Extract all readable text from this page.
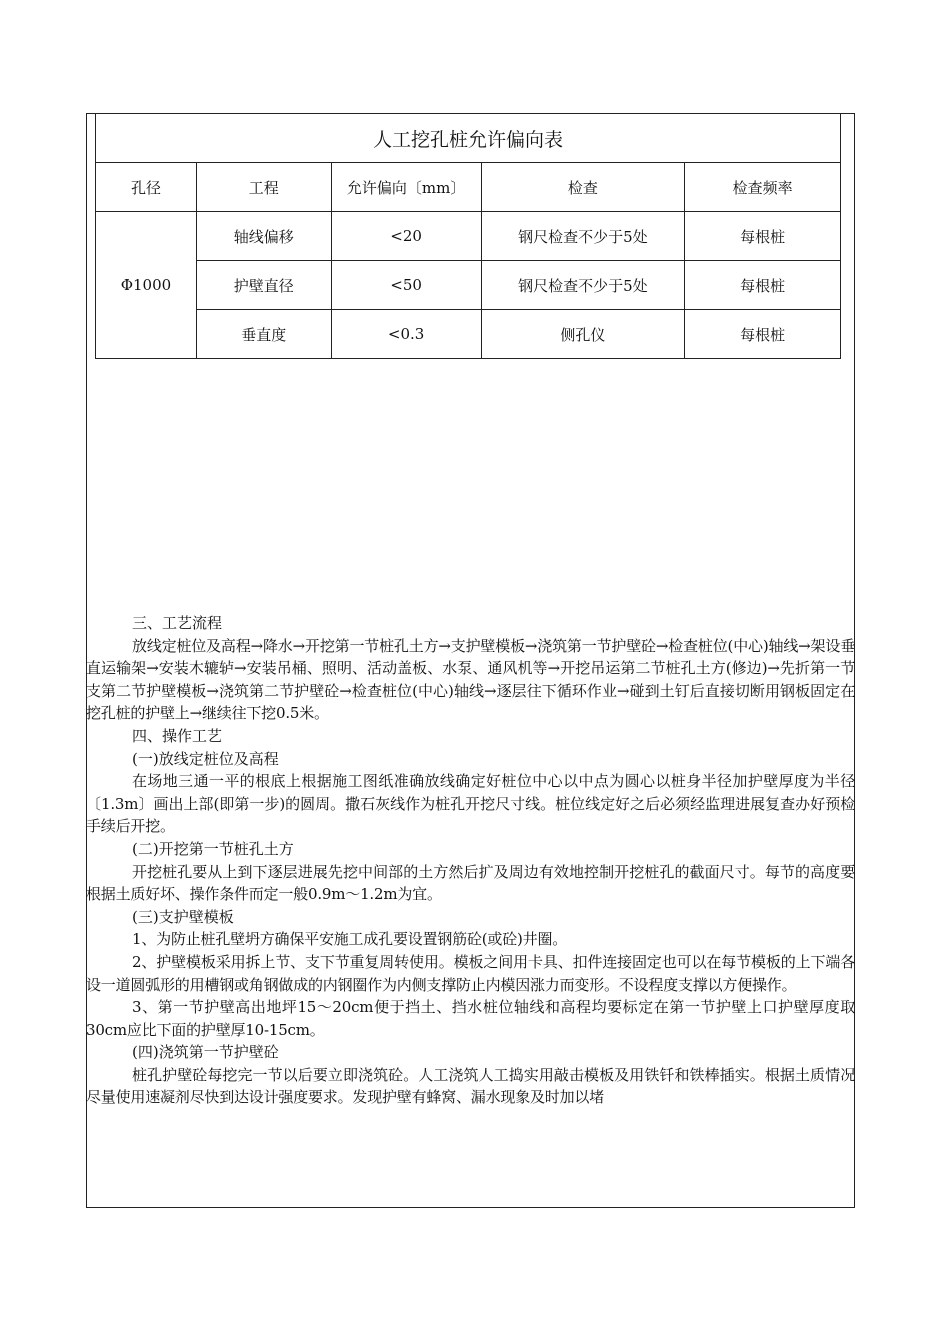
人工挖孔桩允许偏向表				
孔径	工程	允许偏向〔mm〕	检查	检查频率
Φ1000	轴线偏移	<20	钢尺检查不少于5处	每根桩
	护壁直径	<50	钢尺检查不少于5处	每根桩
	垂直度	<0.3	侧孔仪	每根桩

三、工艺流程

放线定桩位及高程→降水→开挖第一节桩孔土方→支护壁模板→浇筑第一节护壁砼→检查桩位(中心)轴线→架设垂直运输架→安装木辘轳→安装吊桶、照明、活动盖板、水泵、通风机等→开挖吊运第二节桩孔土方(修边)→先折第一节支第二节护壁模板→浇筑第二节护壁砼→检查桩位(中心)轴线→逐层往下循环作业→碰到土钉后直接切断用钢板固定在挖孔桩的护壁上→继续往下挖0.5米。

四、操作工艺

(一)放线定桩位及高程

在场地三通一平的根底上根据施工图纸准确放线确定好桩位中心以中点为圆心以桩身半径加护壁厚度为半径〔1.3m〕画出上部(即第一步)的圆周。撒石灰线作为桩孔开挖尺寸线。桩位线定好之后必须经监理进展复查办好预检手续后开挖。

(二)开挖第一节桩孔土方

开挖桩孔要从上到下逐层进展先挖中间部的土方然后扩及周边有效地控制开挖桩孔的截面尺寸。每节的高度要根据土质好坏、操作条件而定一般0.9m～1.2m为宜。

(三)支护壁模板

1、为防止桩孔壁坍方确保平安施工成孔要设置钢筋砼(或砼)井圈。

2、护壁模板采用拆上节、支下节重复周转使用。模板之间用卡具、扣件连接固定也可以在每节模板的上下端各设一道圆弧形的用槽钢或角钢做成的内钢圈作为内侧支撑防止内模因涨力而变形。不设程度支撑以方便操作。

3、第一节护壁高出地坪15～20cm便于挡土、挡水桩位轴线和高程均要标定在第一节护壁上口护壁厚度取30cm应比下面的护壁厚10-15cm。

(四)浇筑第一节护壁砼

桩孔护壁砼每挖完一节以后要立即浇筑砼。人工浇筑人工捣实用敲击模板及用铁钎和铁棒插实。根据土质情况尽量使用速凝剂尽快到达设计强度要求。发现护壁有蜂窝、漏水现象及时加以堵
